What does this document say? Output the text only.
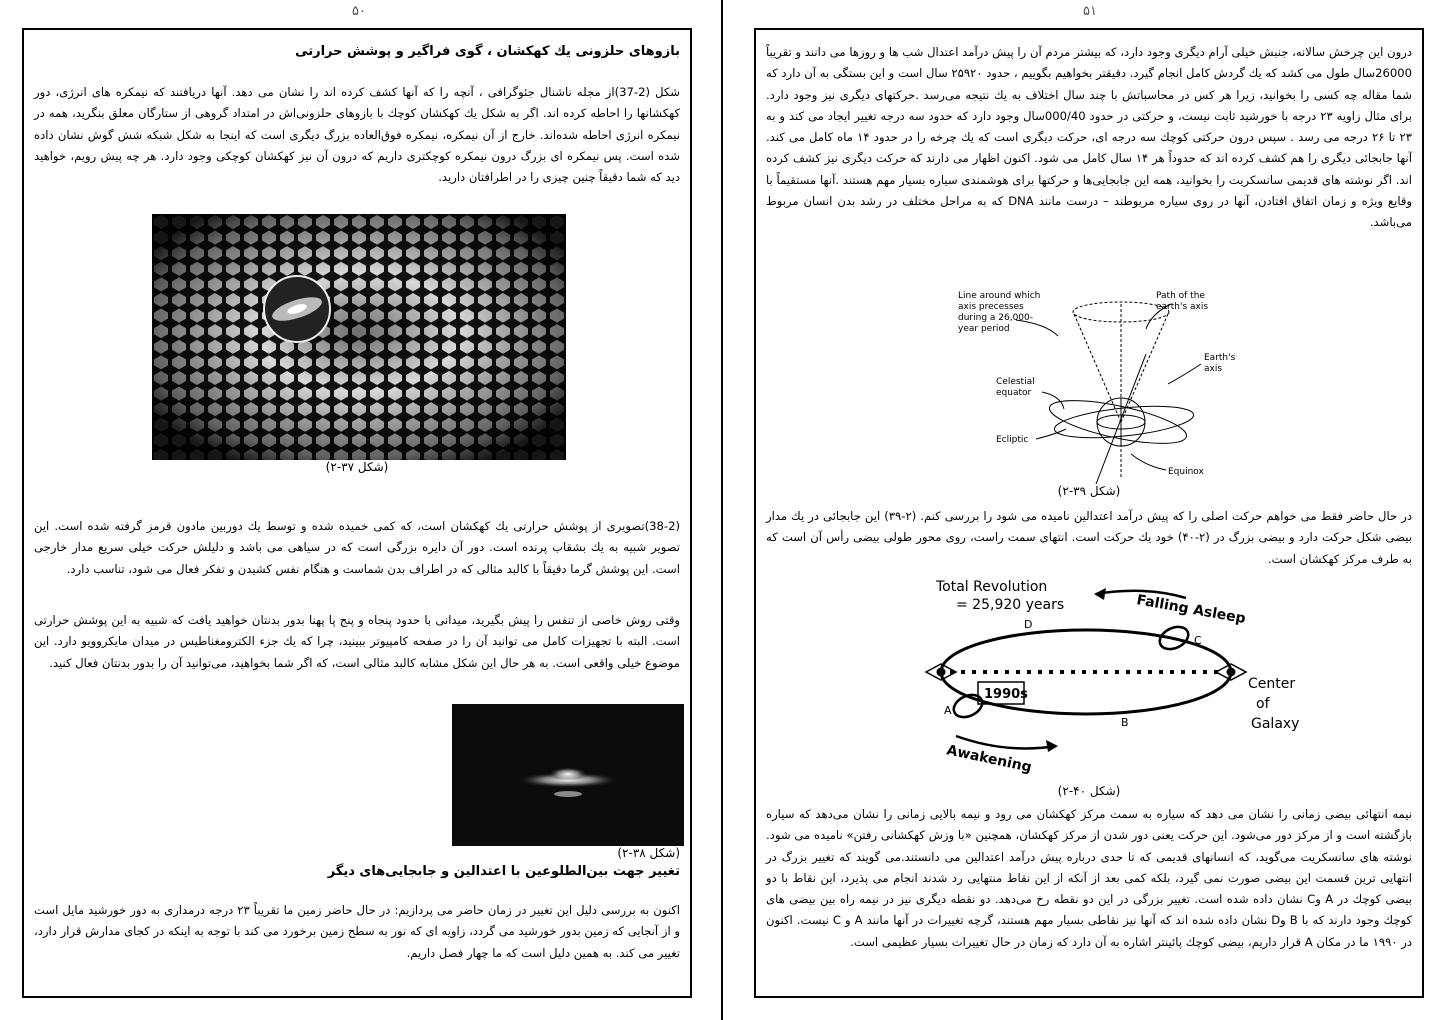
۵۰	۵۱

بازوهای حلزونی یك كهكشان ، گوی فراگیر و پوشش حرارتی

شکل (2-37)از مجله ناشنال جئوگرافی ، آنچه را كه آنها كشف كرده اند را نشان می دهد. آنها دریافتند كه نیمكره های انرژی، دور كهكشانها را احاطه كرده اند. اگر به شكل یك كهكشان كوچك با بازوهای حلزونی‌اش در امتداد گروهی از ستارگان معلق بنگرید، همه در نیمكره انرژی احاطه شده‌اند. خارج از آن نیمكره، نیمكره فوق‌العاده بزرگ دیگری است كه اینجا به شكل شبكه شش گوش نشان داده شده است. پس نیمكره ای بزرگ درون نیمكره كوچكتری داریم كه درون آن نیز كهكشان كوچكی وجود دارد. هر چه پیش رویم، خواهید دید كه شما دقیقاً چنین چیزی را در اطرافتان دارید.

(شكل ۳۷-۲)

(38-2)تصویری از پوشش حرارتی یك كهكشان است، كه كمی خمیده شده و توسط یك دوربین مادون قرمز گرفته شده است. این تصویر شبیه به یك بشقاب پرنده است. دور آن دایره بزرگی است كه در سیاهی می باشد و دلیلش حركت خیلی سریع مدار خارجی است. این پوشش گرما دقیقاً با كالبد مثالی كه در اطراف بدن شماست و هنگام نفس كشیدن و تفكر فعال می شود، تناسب دارد.

وقتی روش خاصی از تنفس را پیش بگیرید، میدانی با حدود پنجاه و پنج پا پهنا بدور بدنتان خواهید یافت كه شبیه به این پوشش حرارتی است. البته با تجهیزات كامل می توانید آن را در صفحه كامپیوتر ببینید، چرا كه یك جزء الكترومغناطیس در میدان مایكروویو دارد. این موضوع خیلی واقعی است. به هر حال این شكل مشابه كالبد مثالی است، كه اگر شما بخواهید، می‌توانید آن را بدور بدنتان فعال كنید.

(شكل ۳۸-۲)

تغییر جهت بین‌الطلوعین با اعتدالین و جابجایی‌های دیگر

اكنون به بررسی دلیل این تغییر در زمان حاضر می پردازیم: در حال حاضر زمین ما تقریباً ۲۳ درجه درمداری به دور خورشید مایل است و از آنجایی كه زمین بدور خورشید می گردد، زاویه ای كه نور به سطح زمین برخورد می كند با توجه به اینكه در كجای مدارش قرار دارد، تغییر می كند. به همین دلیل است كه ما چهار فصل داریم.

درون این چرخش سالانه، جنبش خیلی آرام دیگری وجود دارد، كه بیشتر مردم آن را پیش درآمد اعتدال شب ها و روزها می دانند و تقریباً 26000سال طول می كشد كه یك گردش كامل انجام گیرد. دقیقتر بخواهیم بگوییم ، حدود ۲۵۹۲۰ سال است و این بستگی به آن دارد كه شما مقاله چه كسی را بخوانید، زیرا هر كس در محاسباتش با چند سال اختلاف به یك نتیجه می‌رسد .حركتهای دیگری نیز وجود دارد. برای مثال زاویه ۲۳ درجه با خورشید ثابت نیست، و حركتی در حدود 000/40سال وجود دارد كه حدود سه درجه تغییر ایجاد می كند و به ۲۳ تا ۲۶ درجه می رسد . سپس درون حركتی كوچك سه درجه ای، حركت دیگری است كه یك چرخه را در حدود ۱۴ ماه كامل می كند. آنها جابجائی دیگری را هم كشف كرده اند كه حدوداً هر ۱۴ سال كامل می شود. اكنون اظهار می دارند كه حركت دیگری نیز كشف كرده اند. اگر نوشته های قدیمی سانسكریت را بخوانید، همه این جابجایی‌ها و حركتها برای هوشمندی سیاره بسیار مهم هستند .آنها مستقیماً با وقایع ویژه و زمان اتفاق افتادن، آنها در روی سیاره مربوطند – درست مانند DNA كه به مراحل مختلف در رشد بدن انسان مربوط می‌باشد.

Line around which
axis precesses
during a 26,000-
year period
Path of the
earth's axis
Earth's
axis
Celestial
equator
Ecliptic
Equinox

(شكل ۳۹-۲)

در حال حاضر فقط می خواهم حركت اصلی را كه پیش درآمد اعتدالین نامیده می شود را بررسی كنم. (۲-۳۹) این جابجائی در یك مدار بیضی شكل حركت دارد و بیضی بزرگ در (۲-۴۰) خود یك حركت است. انتهای سمت راست، روی محور طولی بیضی رأس آن است كه به طرف مركز كهكشان است.

Total Revolution
= 25,920 years	Falling Asleep
Awakening
Center
of
Galaxy
1990s
A
B
C
D

(شكل ۴۰-۲)

نیمه انتهائی بیضی زمانی را نشان می دهد كه سیاره به سمت مركز كهكشان می رود و نیمه بالایی زمانی را نشان می‌دهد كه سیاره بازگشته است و از مركز دور می‌شود. این حركت یعنی دور شدن از مركز كهكشان، همچنین «با وزش كهكشانی رفتن» نامیده می شود. نوشته های سانسكریت می‌گوید، كه انسانهای قدیمی كه تا حدی درباره پیش درآمد اعتدالین می دانستند.می گویند كه تغییر بزرگ در انتهایی ترین قسمت این بیضی صورت نمی گیرد، بلكه كمی بعد از آنكه از این نقاط منتهایی رد شدند انجام می پذیرد، این نقاط با دو بیضی كوچك در A وC نشان داده شده است. تغییر بزرگی در این دو نقطه رخ می‌دهد. دو نقطه دیگری نیز در نیمه راه بین بیضی های كوچك وجود دارند كه با B وD نشان داده شده اند كه آنها نیز نقاطی بسیار مهم هستند، گرچه تغییرات در آنها مانند A و C نیست. اكنون در ۱۹۹۰ ما در مكان A قرار داریم، بیضی كوچك پائینتر اشاره به آن دارد كه زمان در حال تغییرات بسیار عظیمی است.
